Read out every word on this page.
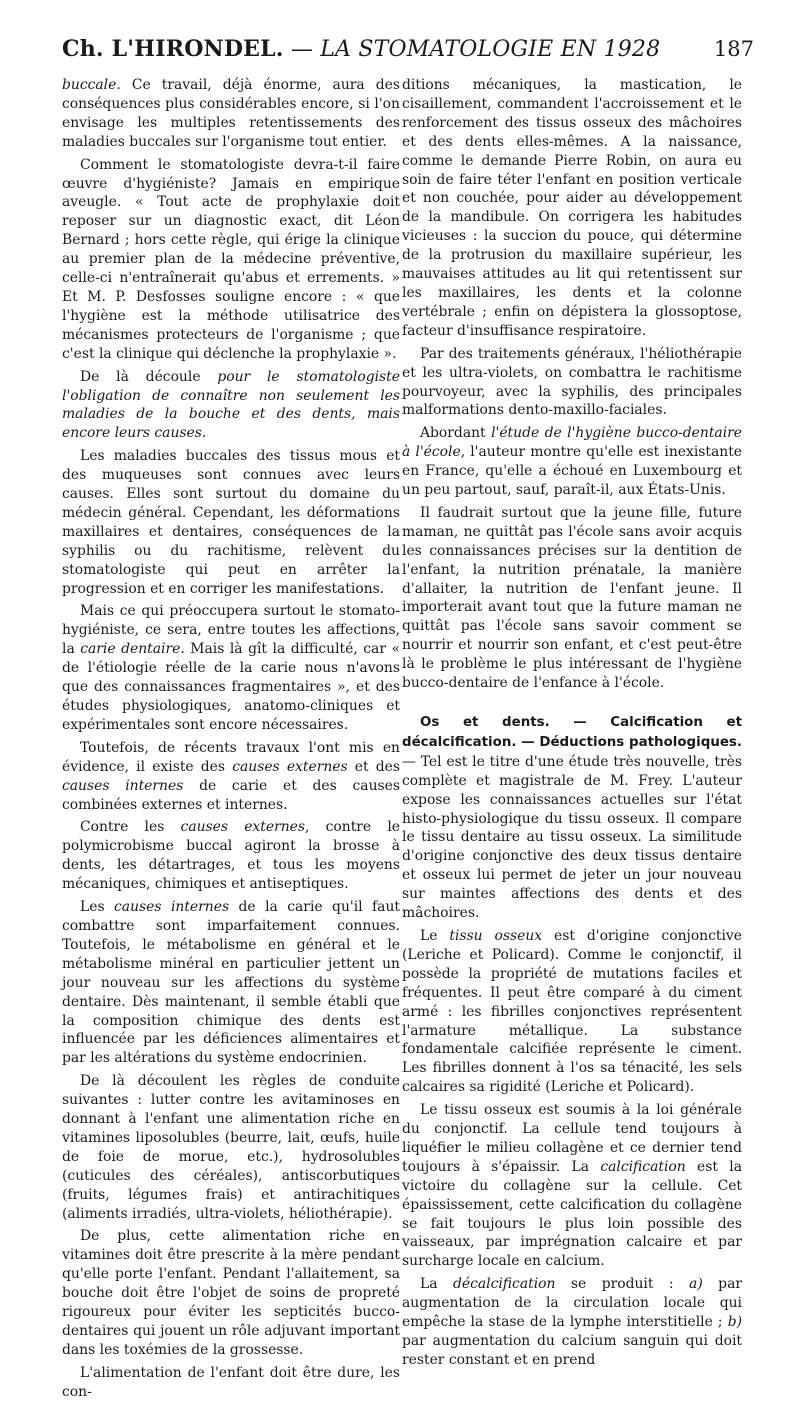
Ch. L'HIRONDEL. — LA STOMATOLOGIE EN 1928	187

buccale. Ce travail, déjà énorme, aura des conséquences plus considérables encore, si l'on envisage les multiples retentissements des maladies buccales sur l'organisme tout entier.

Comment le stomatologiste devra-t-il faire œuvre d'hygiéniste? Jamais en empirique aveugle. « Tout acte de prophylaxie doit reposer sur un diagnostic exact, dit Léon Bernard ; hors cette règle, qui érige la clinique au premier plan de la médecine préventive, celle-ci n'entraînerait qu'abus et errements. » Et M. P. Desfosses souligne encore : « que l'hygiène est la méthode utilisatrice des mécanismes protecteurs de l'organisme ; que c'est la clinique qui déclenche la prophylaxie ».

De là découle pour le stomatologiste l'obligation de connaître non seulement les maladies de la bouche et des dents, mais encore leurs causes.

Les maladies buccales des tissus mous et des muqueuses sont connues avec leurs causes. Elles sont surtout du domaine du médecin général. Cependant, les déformations maxillaires et dentaires, conséquences de la syphilis ou du rachitisme, relèvent du stomatologiste qui peut en arrêter la progression et en corriger les manifestations.

Mais ce qui préoccupera surtout le stomato-hygiéniste, ce sera, entre toutes les affections, la carie dentaire. Mais là gît la difficulté, car « de l'étiologie réelle de la carie nous n'avons que des connaissances fragmentaires », et des études physiologiques, anatomo-cliniques et expérimentales sont encore nécessaires.

Toutefois, de récents travaux l'ont mis en évidence, il existe des causes externes et des causes internes de carie et des causes combinées externes et internes.

Contre les causes externes, contre le polymicrobisme buccal agiront la brosse à dents, les détartrages, et tous les moyens mécaniques, chimiques et antiseptiques.

Les causes internes de la carie qu'il faut combattre sont imparfaitement connues. Toutefois, le métabolisme en général et le métabolisme minéral en particulier jettent un jour nouveau sur les affections du système dentaire. Dès maintenant, il semble établi que la composition chimique des dents est influencée par les déficiences alimentaires et par les altérations du système endocrinien.

De là découlent les règles de conduite suivantes : lutter contre les avitaminoses en donnant à l'enfant une alimentation riche en vitamines liposolubles (beurre, lait, œufs, huile de foie de morue, etc.), hydrosolubles (cuticules des céréales), antiscorbutiques (fruits, légumes frais) et antirachitiques (aliments irradiés, ultra-violets, héliothérapie).

De plus, cette alimentation riche en vitamines doit être prescrite à la mère pendant qu'elle porte l'enfant. Pendant l'allaitement, sa bouche doit être l'objet de soins de propreté rigoureux pour éviter les septicités bucco-dentaires qui jouent un rôle adjuvant important dans les toxémies de la grossesse.

L'alimentation de l'enfant doit être dure, les con-

ditions mécaniques, la mastication, le cisaillement, commandent l'accroissement et le renforcement des tissus osseux des mâchoires et des dents elles-mêmes. A la naissance, comme le demande Pierre Robin, on aura eu soin de faire téter l'enfant en position verticale et non couchée, pour aider au développement de la mandibule. On corrigera les habitudes vicieuses : la succion du pouce, qui détermine de la protrusion du maxillaire supérieur, les mauvaises attitudes au lit qui retentissent sur les maxillaires, les dents et la colonne vertébrale ; enfin on dépistera la glossoptose, facteur d'insuffisance respiratoire.

Par des traitements généraux, l'héliothérapie et les ultra-violets, on combattra le rachitisme pourvoyeur, avec la syphilis, des principales malformations dento-maxillo-faciales.

Abordant l'étude de l'hygiène bucco-dentaire à l'école, l'auteur montre qu'elle est inexistante en France, qu'elle a échoué en Luxembourg et un peu partout, sauf, paraît-il, aux États-Unis.

Il faudrait surtout que la jeune fille, future maman, ne quittât pas l'école sans avoir acquis les connaissances précises sur la dentition de l'enfant, la nutrition prénatale, la manière d'allaiter, la nutrition de l'enfant jeune. Il importerait avant tout que la future maman ne quittât pas l'école sans savoir comment se nourrir et nourrir son enfant, et c'est peut-être là le problème le plus intéressant de l'hygiène bucco-dentaire de l'enfance à l'école.

Os et dents. — Calcification et décalcification. — Déductions pathologiques. — Tel est le titre d'une étude très nouvelle, très complète et magistrale de M. Frey. L'auteur expose les connaissances actuelles sur l'état histo-physiologique du tissu osseux. Il compare le tissu dentaire au tissu osseux. La similitude d'origine conjonctive des deux tissus dentaire et osseux lui permet de jeter un jour nouveau sur maintes affections des dents et des mâchoires.

Le tissu osseux est d'origine conjonctive (Leriche et Policard). Comme le conjonctif, il possède la propriété de mutations faciles et fréquentes. Il peut être comparé à du ciment armé : les fibrilles conjonctives représentent l'armature métallique. La substance fondamentale calcifiée représente le ciment. Les fibrilles donnent à l'os sa ténacité, les sels calcaires sa rigidité (Leriche et Policard).

Le tissu osseux est soumis à la loi générale du conjonctif. La cellule tend toujours à liquéfier le milieu collagène et ce dernier tend toujours à s'épaissir. La calcification est la victoire du collagène sur la cellule. Cet épaississement, cette calcification du collagène se fait toujours le plus loin possible des vaisseaux, par imprégnation calcaire et par surcharge locale en calcium.

La décalcification se produit : a) par augmentation de la circulation locale qui empêche la stase de la lymphe interstitielle ; b) par augmentation du calcium sanguin qui doit rester constant et en prend
